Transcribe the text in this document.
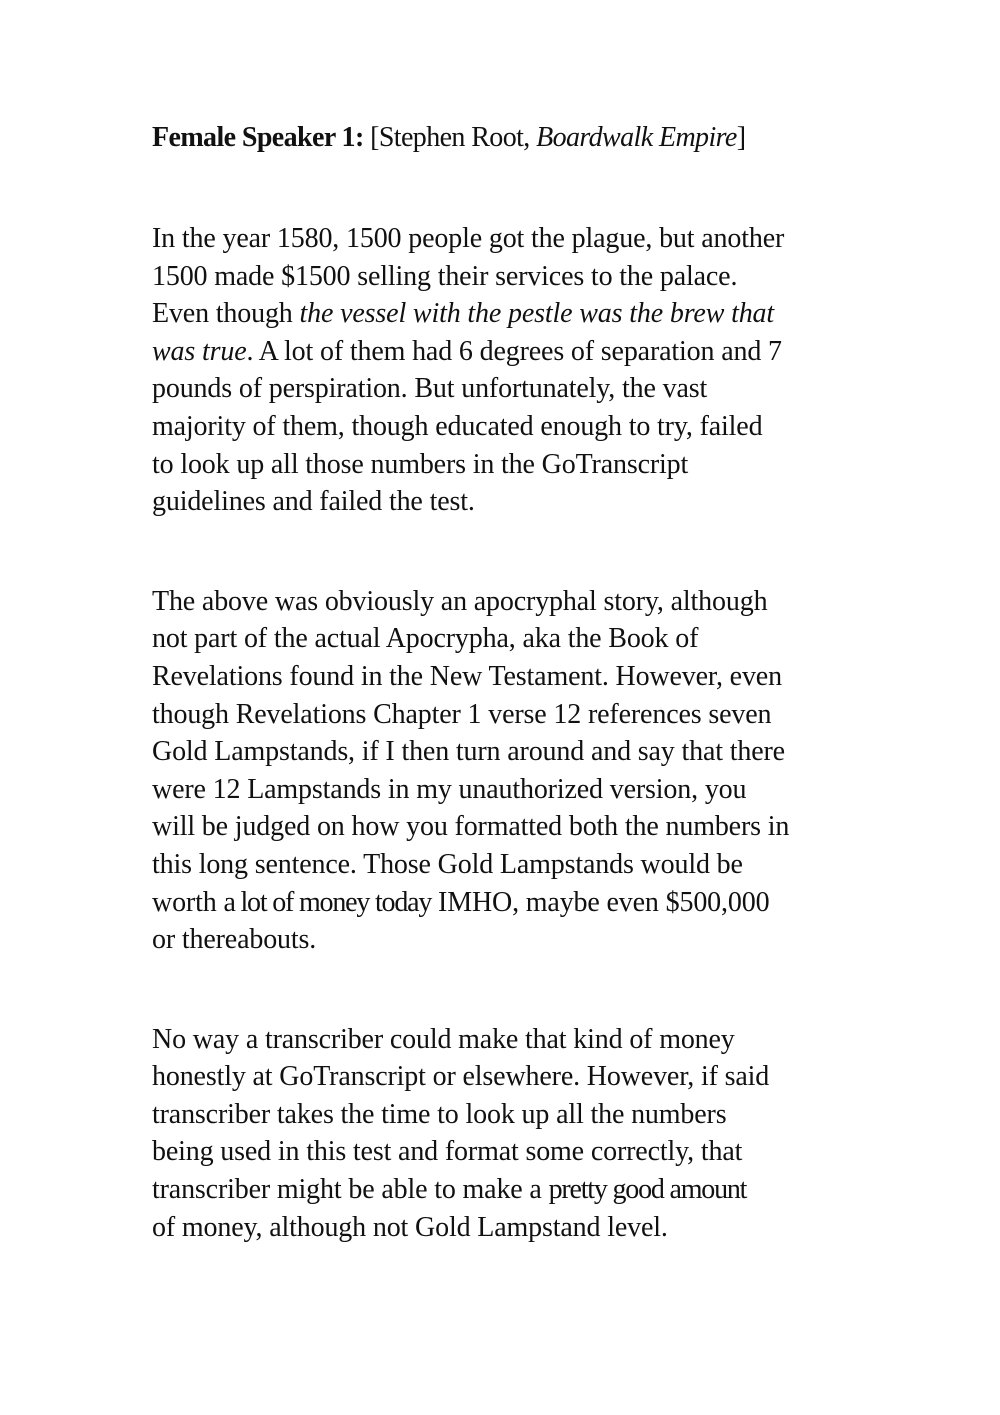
Female Speaker 1: [Stephen Root, Boardwalk Empire]

In the year 1580, 1500 people got the plague, but another
1500 made $1500 selling their services to the palace.
Even though the vessel with the pestle was the brew that
was true. A lot of them had 6 degrees of separation and 7
pounds of perspiration. But unfortunately, the vast
majority of them, though educated enough to try, failed
to look up all those numbers in the GoTranscript
guidelines and failed the test.

The above was obviously an apocryphal story, although
not part of the actual Apocrypha, aka the Book of
Revelations found in the New Testament. However, even
though Revelations Chapter 1 verse 12 references seven
Gold Lampstands, if I then turn around and say that there
were 12 Lampstands in my unauthorized version, you
will be judged on how you formatted both the numbers in
this long sentence. Those Gold Lampstands would be
worth a lot of money today IMHO, maybe even $500,000
or thereabouts.

No way a transcriber could make that kind of money
honestly at GoTranscript or elsewhere. However, if said
transcriber takes the time to look up all the numbers
being used in this test and format some correctly, that
transcriber might be able to make a pretty good amount
of money, although not Gold Lampstand level.
